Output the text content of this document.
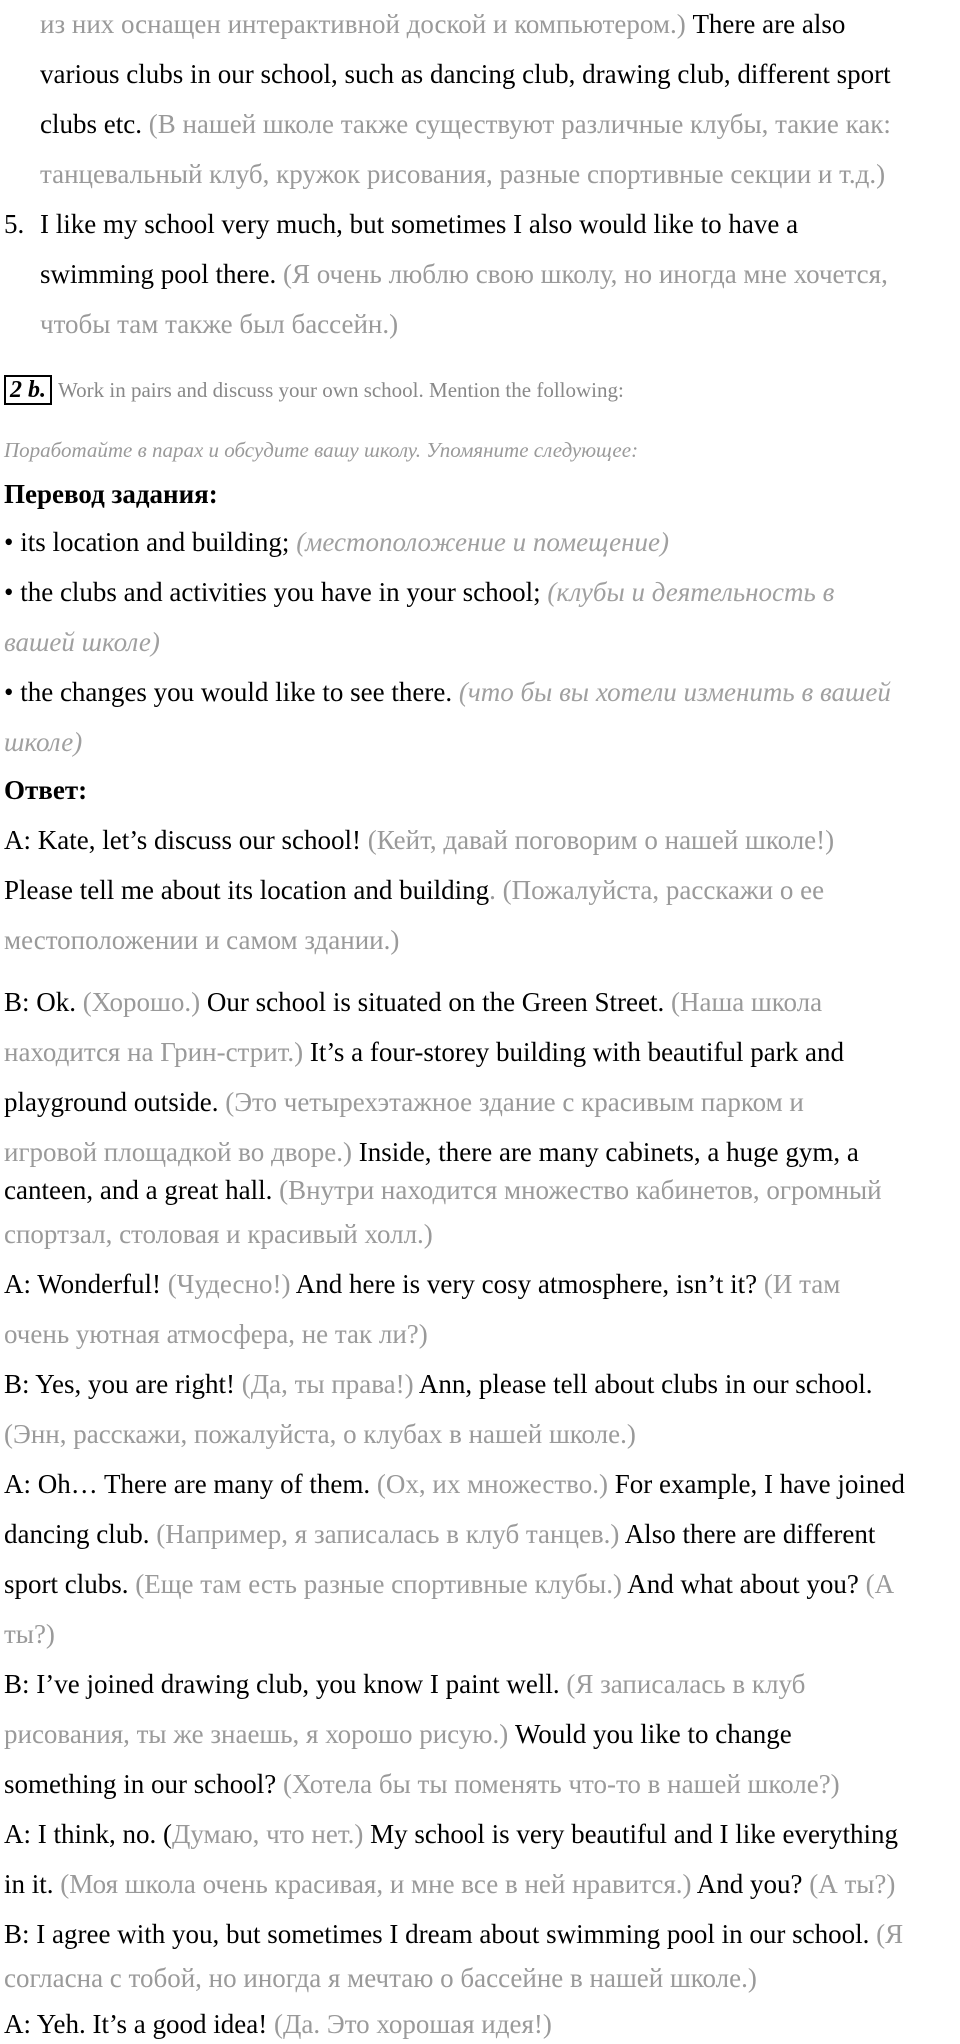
из них оснащен интерактивной доской и компьютером.) There are also
various clubs in our school, such as dancing club, drawing club, different sport
clubs etc. (В нашей школе также существуют различные клубы, такие как:
танцевальный клуб, кружок рисования, разные спортивные секции и т.д.)
5. I like my school very much, but sometimes I also would like to have a
swimming pool there. (Я очень люблю свою школу, но иногда мне хочется,
чтобы там также был бассейн.)
2 b. Work in pairs and discuss your own school. Mention the following:
Поработайте в парах и обсудите вашу школу. Упомяните следующее:
Перевод задания:
• its location and building; (местоположение и помещение)
• the clubs and activities you have in your school; (клубы и деятельность в
вашей школе)
• the changes you would like to see there. (что бы вы хотели изменить в вашей
школе)
Ответ:
A: Kate, let’s discuss our school! (Кейт, давай поговорим о нашей школе!)
Please tell me about its location and building. (Пожалуйста, расскажи о ее
местоположении и самом здании.)
B: Ok. (Хорошо.) Our school is situated on the Green Street. (Наша школа
находится на Грин-стрит.) It’s a four-storey building with beautiful park and
playground outside. (Это четырехэтажное здание с красивым парком и
игровой площадкой во дворе.) Inside, there are many cabinets, a huge gym, a
canteen, and a great hall. (Внутри находится множество кабинетов, огромный
спортзал, столовая и красивый холл.)
A: Wonderful! (Чудесно!) And here is very cosy atmosphere, isn’t it? (И там
очень уютная атмосфера, не так ли?)
B: Yes, you are right! (Да, ты права!) Ann, please tell about clubs in our school.
(Энн, расскажи, пожалуйста, о клубах в нашей школе.)
A: Oh… There are many of them. (Ох, их множество.) For example, I have joined
dancing club. (Например, я записалась в клуб танцев.) Also there are different
sport clubs. (Еще там есть разные спортивные клубы.) And what about you? (А
ты?)
B: I’ve joined drawing club, you know I paint well. (Я записалась в клуб
рисования, ты же знаешь, я хорошо рисую.) Would you like to change
something in our school? (Хотела бы ты поменять что-то в нашей школе?)
A: I think, no. (Думаю, что нет.) My school is very beautiful and I like everything
in it. (Моя школа очень красивая, и мне все в ней нравится.) And you? (А ты?)
B: I agree with you, but sometimes I dream about swimming pool in our school. (Я
согласна с тобой, но иногда я мечтаю о бассейне в нашей школе.)
A: Yeh. It’s a good idea! (Да. Это хорошая идея!)
